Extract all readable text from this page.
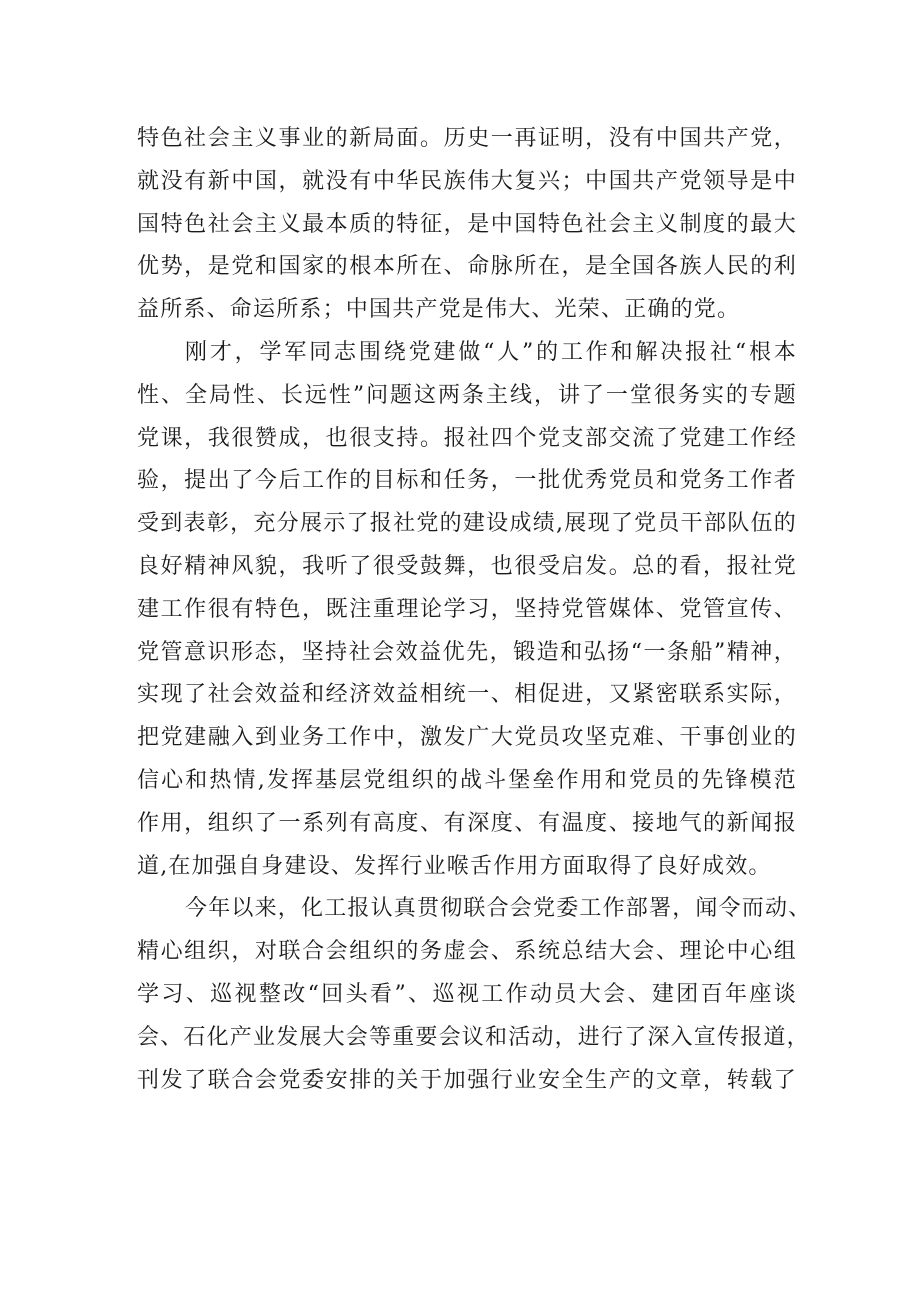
特色社会主义事业的新局面。历史一再证明，没有中国共产党，
就没有新中国，就没有中华民族伟大复兴；中国共产党领导是中
国特色社会主义最本质的特征，是中国特色社会主义制度的最大
优势，是党和国家的根本所在、命脉所在，是全国各族人民的利
益所系、命运所系；中国共产党是伟大、光荣、正确的党。
刚才，学军同志围绕党建做“人”的工作和解决报社“根本
性、全局性、长远性”问题这两条主线，讲了一堂很务实的专题
党课，我很赞成，也很支持。报社四个党支部交流了党建工作经
验，提出了今后工作的目标和任务，一批优秀党员和党务工作者
受到表彰，充分展示了报社党的建设成绩,展现了党员干部队伍的
良好精神风貌，我听了很受鼓舞，也很受启发。总的看，报社党
建工作很有特色，既注重理论学习，坚持党管媒体、党管宣传、
党管意识形态，坚持社会效益优先，锻造和弘扬“一条船”精神，
实现了社会效益和经济效益相统一、相促进，又紧密联系实际，
把党建融入到业务工作中，激发广大党员攻坚克难、干事创业的
信心和热情,发挥基层党组织的战斗堡垒作用和党员的先锋模范
作用，组织了一系列有高度、有深度、有温度、接地气的新闻报
道,在加强自身建设、发挥行业喉舌作用方面取得了良好成效。
今年以来，化工报认真贯彻联合会党委工作部署，闻令而动、
精心组织，对联合会组织的务虚会、系统总结大会、理论中心组
学习、巡视整改“回头看”、巡视工作动员大会、建团百年座谈
会、石化产业发展大会等重要会议和活动，进行了深入宣传报道，
刊发了联合会党委安排的关于加强行业安全生产的文章，转载了
